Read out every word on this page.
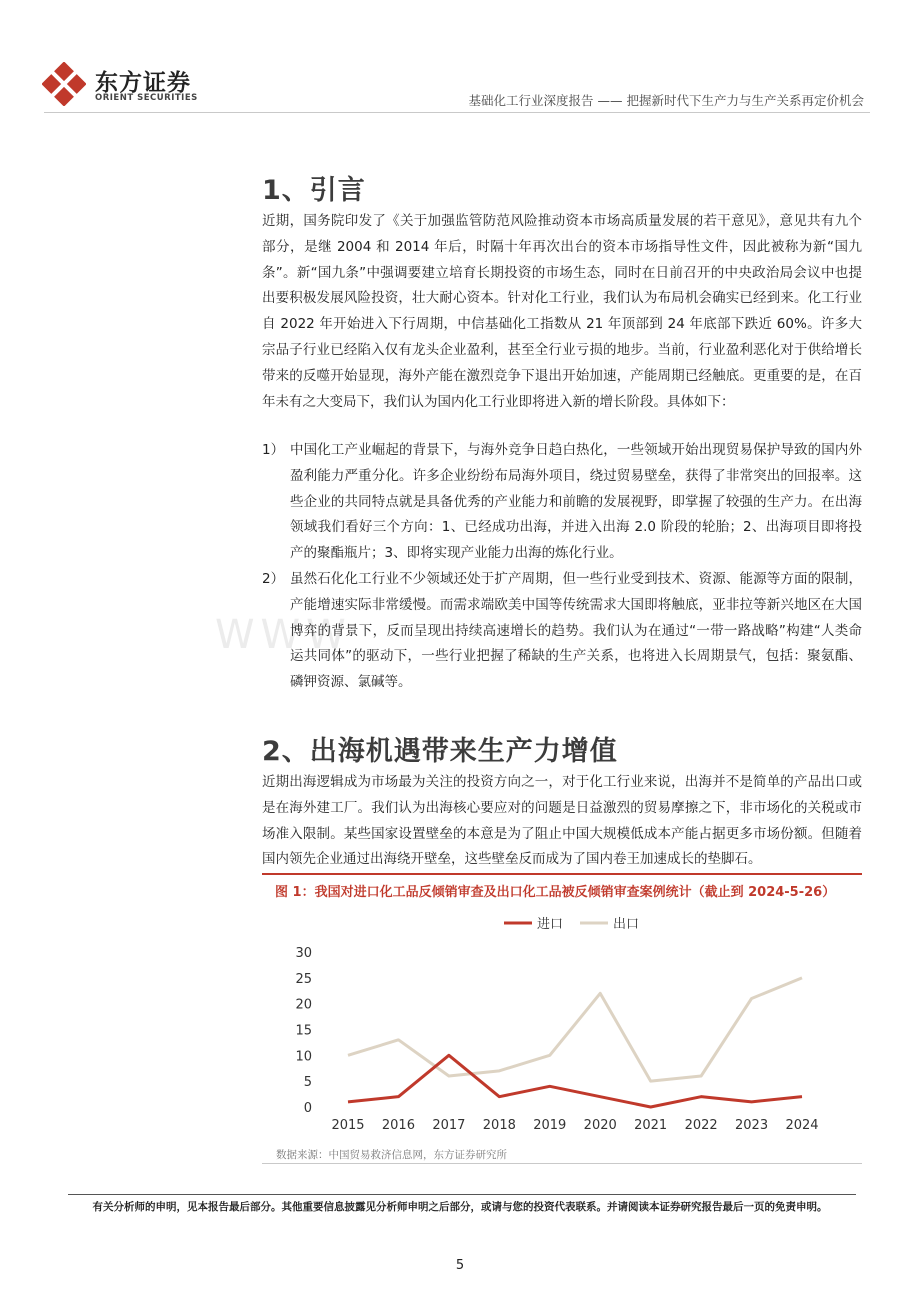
东方证券
ORIENT SECURITIES	基础化工行业深度报告 —— 把握新时代下生产力与生产关系再定价机会
WWW
1、引言

近期，国务院印发了《关于加强监管防范风险推动资本市场高质量发展的若干意见》，意见共有九个部分，是继 2004 和 2014 年后，时隔十年再次出台的资本市场指导性文件，因此被称为新“国九条”。新“国九条”中强调要建立培育长期投资的市场生态，同时在日前召开的中央政治局会议中也提出要积极发展风险投资，壮大耐心资本。针对化工行业，我们认为布局机会确实已经到来。化工行业自 2022 年开始进入下行周期，中信基础化工指数从 21 年顶部到 24 年底部下跌近 60%。许多大宗品子行业已经陷入仅有龙头企业盈利，甚至全行业亏损的地步。当前，行业盈利恶化对于供给增长带来的反噬开始显现，海外产能在激烈竞争下退出开始加速，产能周期已经触底。更重要的是，在百年未有之大变局下，我们认为国内化工行业即将进入新的增长阶段。具体如下：

1） 中国化工产业崛起的背景下，与海外竞争日趋白热化，一些领域开始出现贸易保护导致的国内外盈利能力严重分化。许多企业纷纷布局海外项目，绕过贸易壁垒，获得了非常突出的回报率。这些企业的共同特点就是具备优秀的产业能力和前瞻的发展视野，即掌握了较强的生产力。在出海领域我们看好三个方向：1、已经成功出海，并进入出海 2.0 阶段的轮胎；2、出海项目即将投产的聚酯瓶片；3、即将实现产业能力出海的炼化行业。

2） 虽然石化化工行业不少领域还处于扩产周期，但一些行业受到技术、资源、能源等方面的限制，产能增速实际非常缓慢。而需求端欧美中国等传统需求大国即将触底，亚非拉等新兴地区在大国博弈的背景下，反而呈现出持续高速增长的趋势。我们认为在通过“一带一路战略”构建“人类命运共同体”的驱动下，一些行业把握了稀缺的生产关系，也将进入长周期景气，包括：聚氨酯、磷钾资源、氯碱等。

2、出海机遇带来生产力增值

近期出海逻辑成为市场最为关注的投资方向之一，对于化工行业来说，出海并不是简单的产品出口或是在海外建工厂。我们认为出海核心要应对的问题是日益激烈的贸易摩擦之下，非市场化的关税或市场准入限制。某些国家设置壁垒的本意是为了阻止中国大规模低成本产能占据更多市场份额。但随着国内领先企业通过出海绕开壁垒，这些壁垒反而成为了国内卷王加速成长的垫脚石。

图 1：我国对进口化工品反倾销审查及出口化工品被反倾销审查案例统计（截止到 2024-5-26）
进口	出口
0
5
10
15
20
25
30
2015 2016 2017 2018 2019 2020 2021 2022 2023 2024
数据来源：中国贸易救济信息网，东方证券研究所
有关分析师的申明，见本报告最后部分。其他重要信息披露见分析师申明之后部分，或请与您的投资代表联系。并请阅读本证券研究报告最后一页的免责申明。
5
